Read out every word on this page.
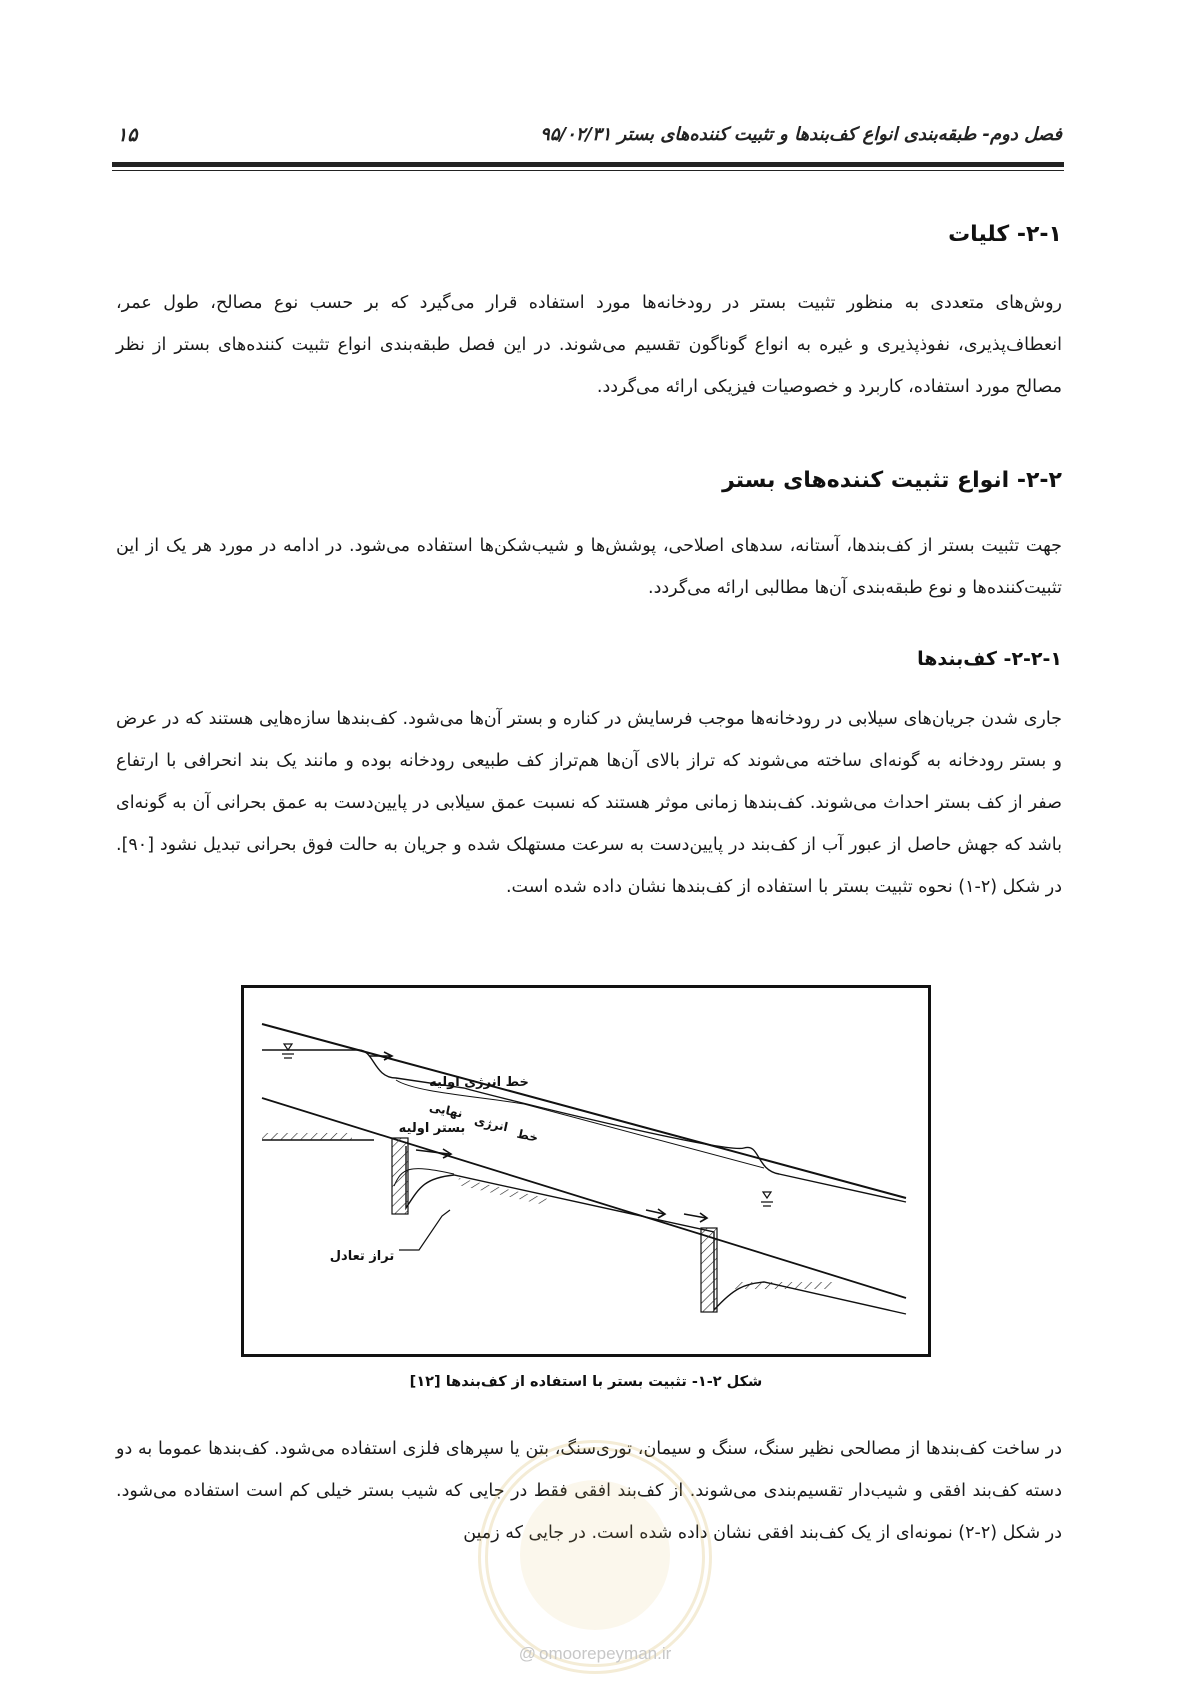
فصل دوم- طبقه‌بندی انواع کف‌بندها و تثبیت کننده‌های بستر ۹۵/۰۲/۳۱
۱۵
۲-۱- کلیات
روش‌های متعددی به منظور تثبیت بستر در رودخانه‌ها مورد استفاده قرار می‌گیرد که بر حسب نوع مصالح، طول عمر، انعطاف‌پذیری، نفوذپذیری و غیره به انواع گوناگون تقسیم می‌شوند. در این فصل طبقه‌بندی انواع تثبیت کننده‌های بستر از نظر مصالح مورد استفاده، کاربرد و خصوصیات فیزیکی ارائه می‌گردد.
۲-۲- انواع تثبیت کننده‌های بستر
جهت تثبیت بستر از کف‌بندها، آستانه، سدهای اصلاحی، پوشش‌ها و شیب‌شکن‌ها استفاده می‌شود. در ادامه در مورد هر یک از این تثبیت‌کننده‌ها و نوع طبقه‌بندی آن‌ها مطالبی ارائه می‌گردد.
۲-۲-۱- کف‌بندها
جاری شدن جریان‌های سیلابی در رودخانه‌ها موجب فرسایش در کناره و بستر آن‌ها می‌شود. کف‌بندها سازه‌هایی هستند که در عرض و بستر رودخانه به گونه‌ای ساخته می‌شوند که تراز بالای آن‌ها هم‌تراز کف طبیعی رودخانه بوده و مانند یک بند انحرافی با ارتفاع صفر از کف بستر احداث می‌شوند. کف‌بندها زمانی موثر هستند که نسبت عمق سیلابی در پایین‌دست به عمق بحرانی آن به گونه‌ای باشد که جهش حاصل از عبور آب از کف‌بند در پایین‌دست به سرعت مستهلک شده و جریان به حالت فوق بحرانی تبدیل نشود [۹۰]. در شکل (۲-۱) نحوه تثبیت بستر با استفاده از کف‌بندها نشان داده شده است.
خط انرژی اولیه
بستر اولیه
تراز تعادل
نهایی
انرژی
خط
شکل ۲-۱- تثبیت بستر با استفاده از کف‌بندها [۱۲]
در ساخت کف‌بندها از مصالحی نظیر سنگ، سنگ و سیمان، توری‌سنگ، بتن یا سپرهای فلزی استفاده می‌شود. کف‌بندها عموما به دو دسته کف‌بند افقی و شیب‌دار تقسیم‌بندی می‌شوند. از کف‌بند افقی فقط در جایی که شیب بستر خیلی کم است استفاده می‌شود. در شکل (۲-۲) نمونه‌ای از یک کف‌بند افقی نشان داده شده است. در جایی که زمین
@ omoorepeyman.ir
